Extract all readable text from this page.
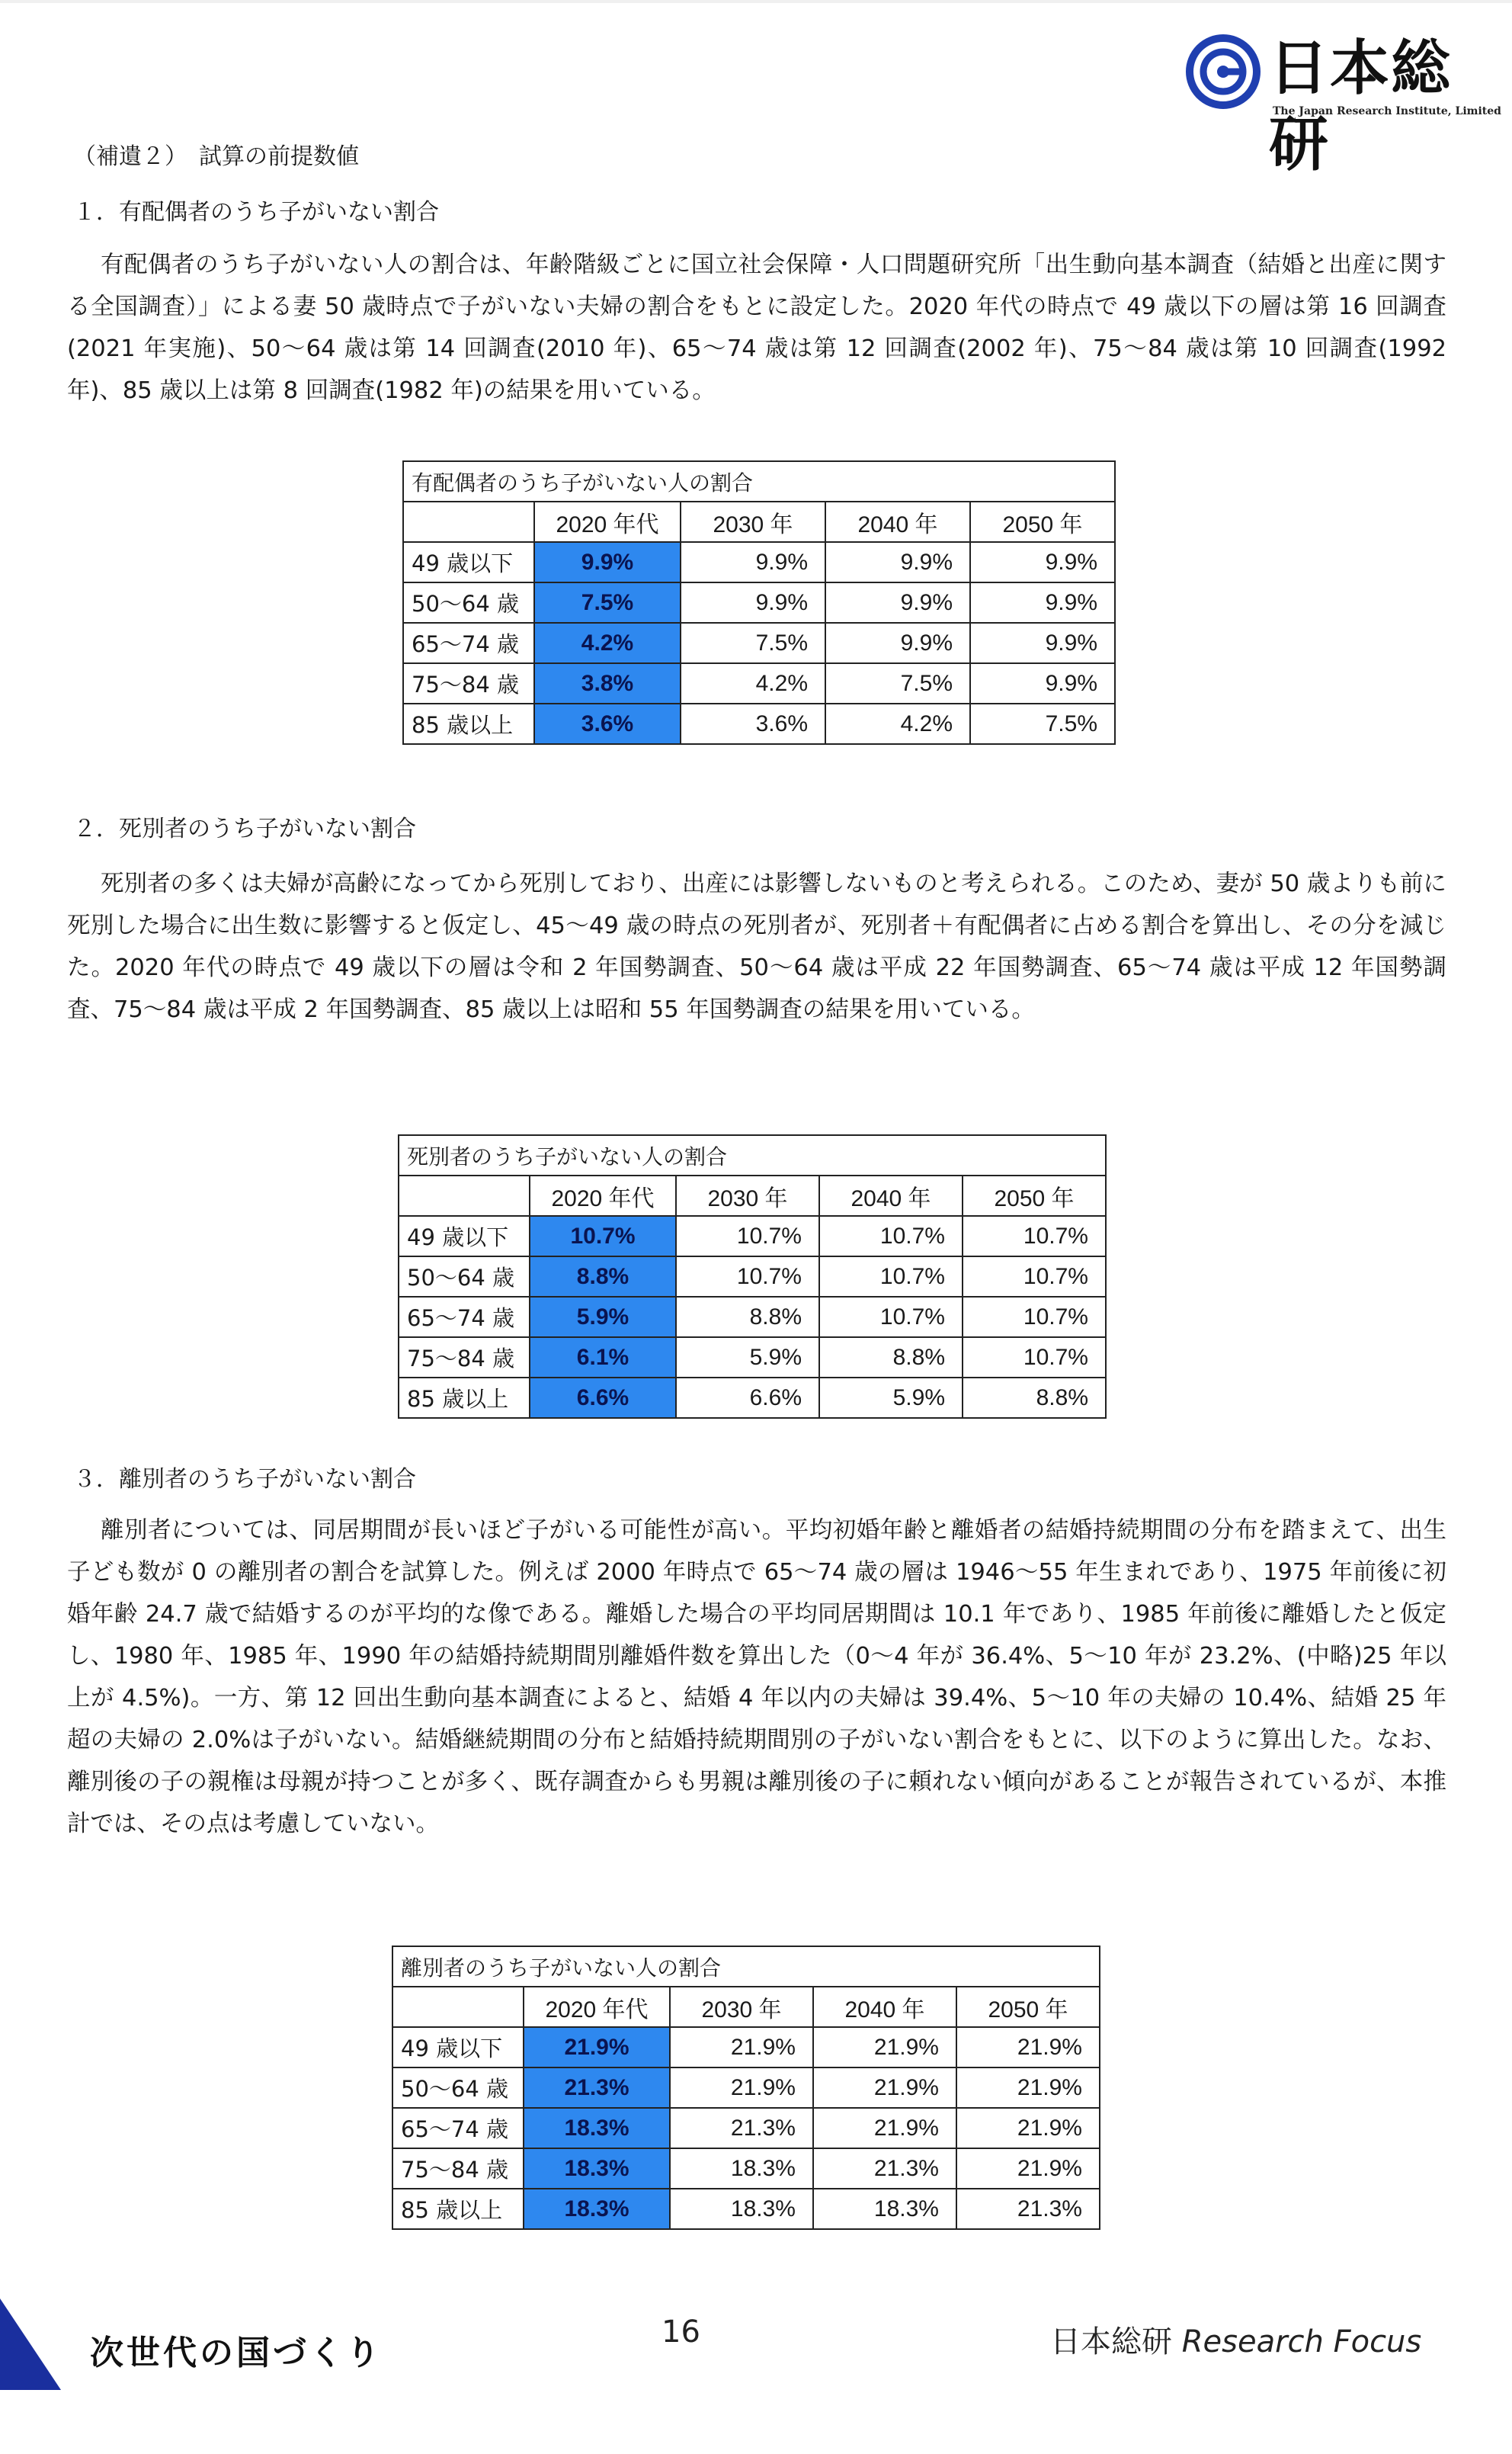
日本総研
The Japan Research Institute, Limited
（補遺２）　試算の前提数値
１．有配偶者のうち子がいない割合
有配偶者のうち子がいない人の割合は、年齢階級ごとに国立社会保障・人口問題研究所「出生動向基本調査（結婚と出産に関する全国調査）」による妻 50 歳時点で子がいない夫婦の割合をもとに設定した。2020 年代の時点で 49 歳以下の層は第 16 回調査(2021 年実施)、50〜64 歳は第 14 回調査(2010 年)、65〜74 歳は第 12 回調査(2002 年)、75〜84 歳は第 10 回調査(1992 年)、85 歳以上は第 8 回調査(1982 年)の結果を用いている。
有配偶者のうち子がいない人の割合				
	2020 年代	2030 年	2040 年	2050 年
49 歳以下	9.9%	9.9%	9.9%	9.9%
50～64 歳	7.5%	9.9%	9.9%	9.9%
65～74 歳	4.2%	7.5%	9.9%	9.9%
75～84 歳	3.8%	4.2%	7.5%	9.9%
85 歳以上	3.6%	3.6%	4.2%	7.5%
２．死別者のうち子がいない割合
死別者の多くは夫婦が高齢になってから死別しており、出産には影響しないものと考えられる。このため、妻が 50 歳よりも前に死別した場合に出生数に影響すると仮定し、45〜49 歳の時点の死別者が、死別者＋有配偶者に占める割合を算出し、その分を減じた。2020 年代の時点で 49 歳以下の層は令和 2 年国勢調査、50〜64 歳は平成 22 年国勢調査、65〜74 歳は平成 12 年国勢調査、75〜84 歳は平成 2 年国勢調査、85 歳以上は昭和 55 年国勢調査の結果を用いている。
死別者のうち子がいない人の割合				
	2020 年代	2030 年	2040 年	2050 年
49 歳以下	10.7%	10.7%	10.7%	10.7%
50～64 歳	8.8%	10.7%	10.7%	10.7%
65～74 歳	5.9%	8.8%	10.7%	10.7%
75～84 歳	6.1%	5.9%	8.8%	10.7%
85 歳以上	6.6%	6.6%	5.9%	8.8%
３．離別者のうち子がいない割合
離別者については、同居期間が長いほど子がいる可能性が高い。平均初婚年齢と離婚者の結婚持続期間の分布を踏まえて、出生子ども数が 0 の離別者の割合を試算した。例えば 2000 年時点で 65〜74 歳の層は 1946〜55 年生まれであり、1975 年前後に初婚年齢 24.7 歳で結婚するのが平均的な像である。離婚した場合の平均同居期間は 10.1 年であり、1985 年前後に離婚したと仮定し、1980 年、1985 年、1990 年の結婚持続期間別離婚件数を算出した（0〜4 年が 36.4%、5〜10 年が 23.2%、(中略)25 年以上が 4.5%)。一方、第 12 回出生動向基本調査によると、結婚 4 年以内の夫婦は 39.4%、5〜10 年の夫婦の 10.4%、結婚 25 年超の夫婦の 2.0%は子がいない。結婚継続期間の分布と結婚持続期間別の子がいない割合をもとに、以下のように算出した。なお、離別後の子の親権は母親が持つことが多く、既存調査からも男親は離別後の子に頼れない傾向があることが報告されているが、本推計では、その点は考慮していない。
離別者のうち子がいない人の割合				
	2020 年代	2030 年	2040 年	2050 年
49 歳以下	21.9%	21.9%	21.9%	21.9%
50～64 歳	21.3%	21.9%	21.9%	21.9%
65～74 歳	18.3%	21.3%	21.9%	21.9%
75～84 歳	18.3%	18.3%	21.3%	21.9%
85 歳以上	18.3%	18.3%	18.3%	21.3%
次世代の国づくり
16	日本総研 Research Focus
